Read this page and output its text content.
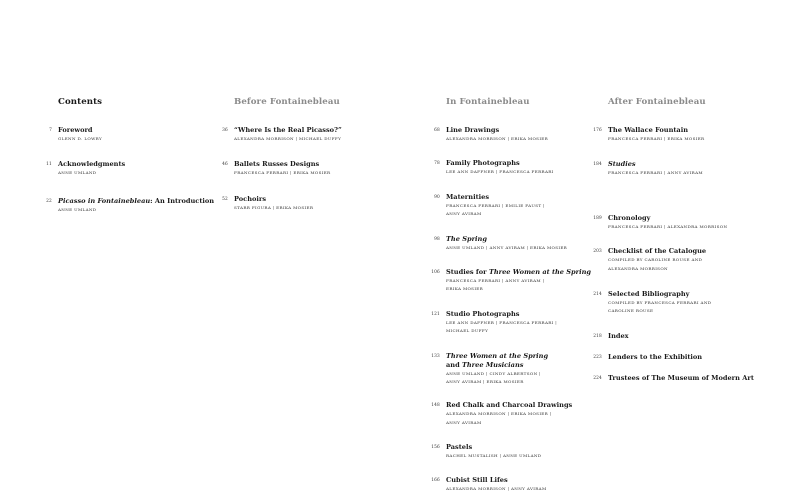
Contents
7 Foreword
GLENN D. LOWRY
11 Acknowledgments
ANNE UMLAND
22 Picasso in Fontainebleau: An Introduction
ANNE UMLAND
Before Fontainebleau
36 “Where Is the Real Picasso?”
ALEXANDRA MORRISON | MICHAEL DUFFY
46 Ballets Russes Designs
FRANCESCA FERRARI | ERIKA MOSIER
52 Pochoirs
STARR FIGURA | ERIKA MOSIER
In Fontainebleau
68 Line Drawings
ALEXANDRA MORRISON | ERIKA MOSIER
78 Family Photographs
LEE ANN DAFFNER | FRANCESCA FERRARI
90 Maternities
FRANCESCA FERRARI | EMILIE FAUST |
ANNY AVIRAM
98 The Spring
ANNE UMLAND | ANNY AVIRAM | ERIKA MOSIER
106 Studies for Three Women at the Spring
FRANCESCA FERRARI | ANNY AVIRAM |
ERIKA MOSIER
121 Studio Photographs
LEE ANN DAFFNER | FRANCESCA FERRARI |
MICHAEL DUFFY
133 Three Women at the Spring
and Three Musicians
ANNE UMLAND | CINDY ALBERTSON |
ANNY AVIRAM | ERIKA MOSIER
148 Red Chalk and Charcoal Drawings
ALEXANDRA MORRISON | ERIKA MOSIER |
ANNY AVIRAM
156 Pastels
RACHEL MUSTALISH | ANNE UMLAND
166 Cubist Still Lifes
ALEXANDRA MORRISON | ANNY AVIRAM
After Fontainebleau
176 The Wallace Fountain
FRANCESCA FERRARI | ERIKA MOSIER
184 Studies
FRANCESCA FERRARI | ANNY AVIRAM
189 Chronology
FRANCESCA FERRARI | ALEXANDRA MORRISON
203 Checklist of the Catalogue
COMPILED BY CAROLINE ROUSE AND
ALEXANDRA MORRISON
214 Selected Bibliography
COMPILED BY FRANCESCA FERRARI AND
CAROLINE ROUSE
218 Index
223 Lenders to the Exhibition
224 Trustees of The Museum of Modern Art
